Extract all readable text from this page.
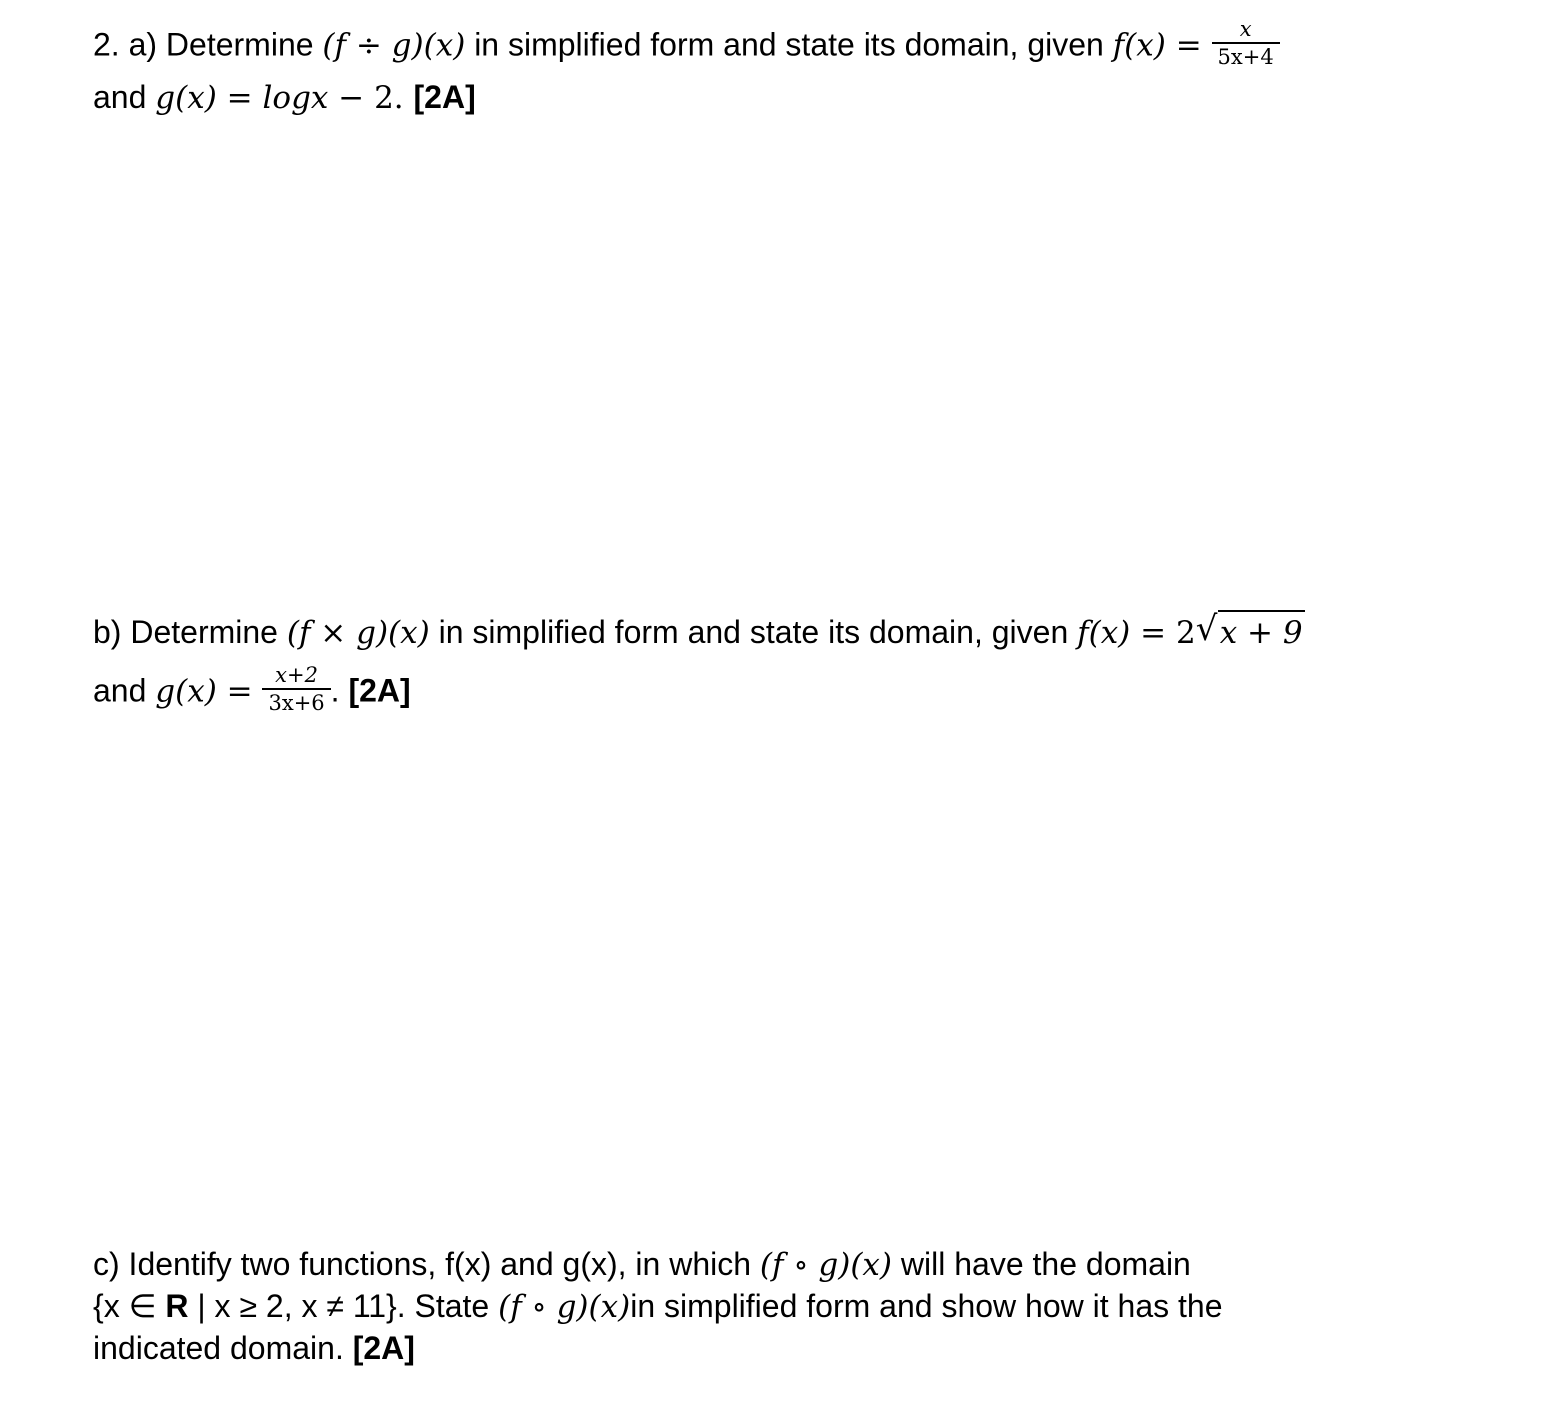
2. a) Determine (f ÷ g)(x) in simplified form and state its domain, given $f(x) = \frac{x}{5x+4}$
and g(x) = logx − 2. [2A]
b) Determine (f × g)(x) in simplified form and state its domain, given f(x) = 2 √ x + 9
and $g(x) = \frac{x+2}{3x+6}$ . [2A]
c) Identify two functions, f(x) and g(x), in which (f ∘ g)(x) will have the domain
{x ∈ R | x ≥ 2, x ≠ 11}. State (f ∘ g)(x)in simplified form and show how it has the
indicated domain. [2A]
